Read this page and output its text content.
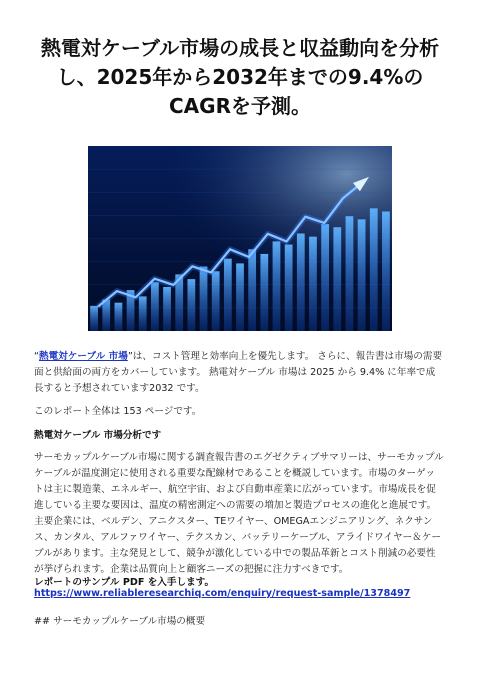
熱電対ケーブル市場の成長と収益動向を分析し、2025年から2032年までの9.4%のCAGRを予測。
“熱電対ケーブル 市場”は、コスト管理と効率向上を優先します。 さらに、報告書は市場の需要面と供給面の両方をカバーしています。 熱電対ケーブル 市場は 2025 から 9.4% に年率で成長すると予想されています2032 です。
このレポート全体は 153 ページです。
熱電対ケーブル 市場分析です
サーモカップルケーブル市場に関する調査報告書のエグゼクティブサマリーは、サーモカップルケーブルが温度測定に使用される重要な配線材であることを概説しています。市場のターゲットは主に製造業、エネルギー、航空宇宙、および自動車産業に広がっています。市場成長を促進している主要な要因は、温度の精密測定への需要の増加と製造プロセスの進化と進展です。主要企業には、ベルデン、アニクスター、TEワイヤー、OMEGAエンジニアリング、ネクサンス、カンタル、アルファワイヤー、テクスカン、バッテリーケーブル、アライドワイヤー＆ケーブルがあります。主な発見として、競争が激化している中での製品革新とコスト削減の必要性が挙げられます。企業は品質向上と顧客ニーズの把握に注力すべきです。
レポートのサンプル PDF を入手します。 https://www.reliableresearchiq.com/enquiry/request-sample/1378497
## サーモカップルケーブル市場の概要
